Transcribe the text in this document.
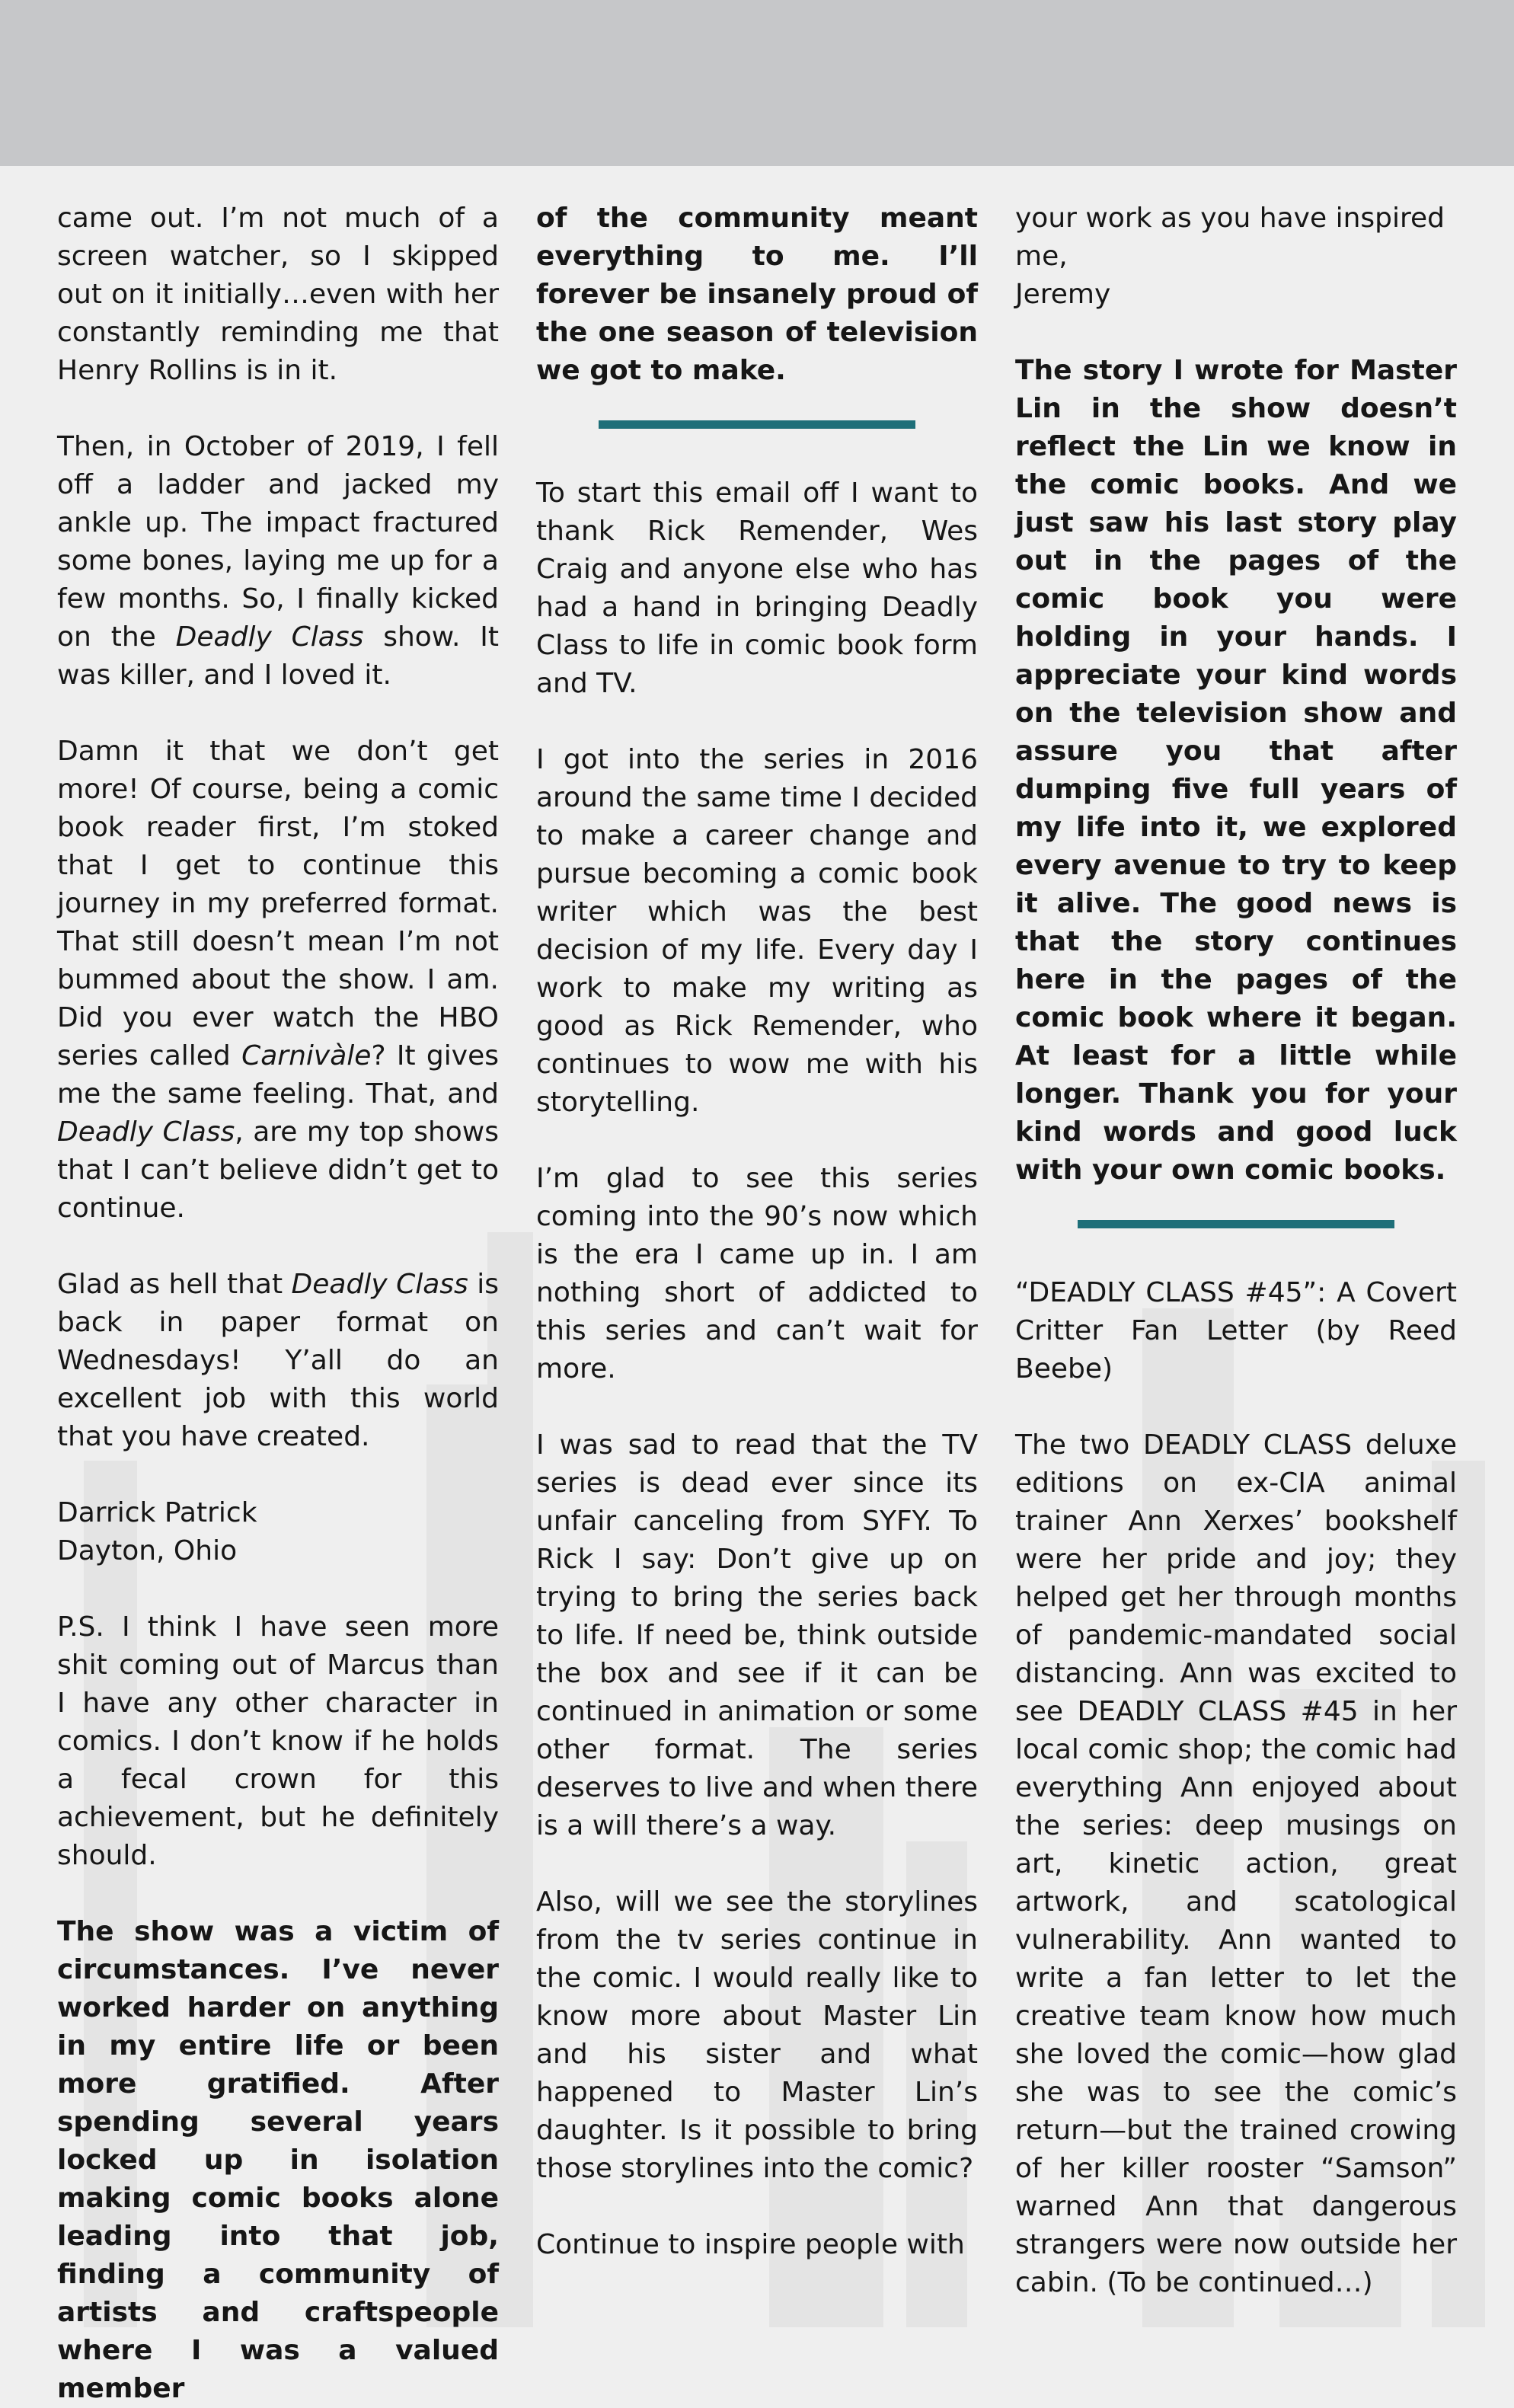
came out. I’m not much of a screen watcher, so I skipped out on it initially…even with her constantly reminding me that Henry Rollins is in it.

Then, in October of 2019, I fell off a ladder and jacked my ankle up. The impact fractured some bones, laying me up for a few months. So, I finally kicked on the Deadly Class show. It was killer, and I loved it.

Damn it that we don’t get more! Of course, being a comic book reader first, I’m stoked that I get to continue this journey in my preferred format. That still doesn’t mean I’m not bummed about the show. I am. Did you ever watch the HBO series called Carnivàle? It gives me the same feeling. That, and Deadly Class, are my top shows that I can’t believe didn’t get to continue.

Glad as hell that Deadly Class is back in paper format on Wednesdays! Y’all do an excellent job with this world that you have created.

Darrick Patrick
Dayton, Ohio

P.S. I think I have seen more shit coming out of Marcus than I have any other character in comics. I don’t know if he holds a fecal crown for this achievement, but he definitely should.

The show was a victim of circumstances. I’ve never worked harder on anything in my entire life or been more gratified. After spending several years locked up in isolation making comic books alone leading into that job, finding a community of artists and craftspeople where I was a valued member

of the community meant everything to me. I’ll forever be insanely proud of the one season of television we got to make.

To start this email off I want to thank Rick Remender, Wes Craig and anyone else who has had a hand in bringing Deadly Class to life in comic book form and TV.

I got into the series in 2016 around the same time I decided to make a career change and pursue becoming a comic book writer which was the best decision of my life. Every day I work to make my writing as good as Rick Remender, who continues to wow me with his storytelling.

I’m glad to see this series coming into the 90’s now which is the era I came up in. I am nothing short of addicted to this series and can’t wait for more.

I was sad to read that the TV series is dead ever since its unfair canceling from SYFY. To Rick I say: Don’t give up on trying to bring the series back to life. If need be, think outside the box and see if it can be continued in animation or some other format. The series deserves to live and when there is a will there’s a way.

Also, will we see the storylines from the tv series continue in the comic. I would really like to know more about Master Lin and his sister and what happened to Master Lin’s daughter. Is it possible to bring those storylines into the comic?

Continue to inspire people with

your work as you have inspired me,
Jeremy

The story I wrote for Master Lin in the show doesn’t reflect the Lin we know in the comic books. And we just saw his last story play out in the pages of the comic book you were holding in your hands. I appreciate your kind words on the television show and assure you that after dumping five full years of my life into it, we explored every avenue to try to keep it alive. The good news is that the story continues here in the pages of the comic book where it began. At least for a little while longer. Thank you for your kind words and good luck with your own comic books.

“DEADLY CLASS #45”: A Covert Critter Fan Letter (by Reed Beebe)

The two DEADLY CLASS deluxe editions on ex-CIA animal trainer Ann Xerxes’ bookshelf were her pride and joy; they helped get her through months of pandemic-mandated social distancing. Ann was excited to see DEADLY CLASS #45 in her local comic shop; the comic had everything Ann enjoyed about the series: deep musings on art, kinetic action, great artwork, and scatological vulnerability. Ann wanted to write a fan letter to let the creative team know how much she loved the comic—how glad she was to see the comic’s return—but the trained crowing of her killer rooster “Samson” warned Ann that dangerous strangers were now outside her cabin. (To be continued…)
